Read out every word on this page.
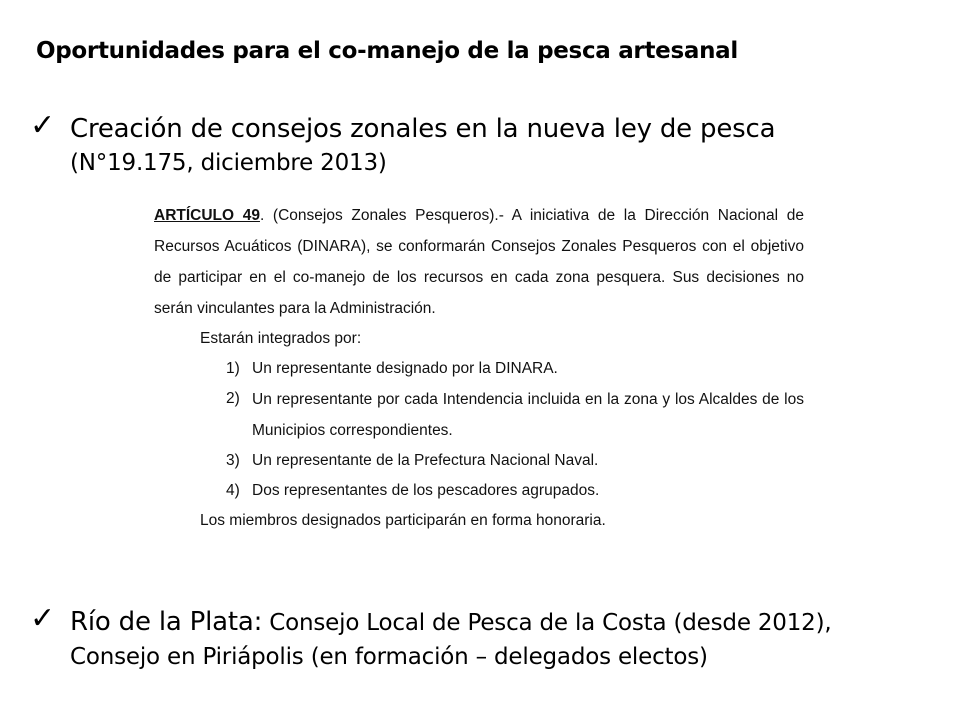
Oportunidades para el co-manejo de la pesca artesanal
✓ Creación de consejos zonales en la nueva ley de pesca
(N°19.175, diciembre 2013)
ARTÍCULO 49. (Consejos Zonales Pesqueros).- A iniciativa de la Dirección Nacional de Recursos Acuáticos (DINARA), se conformarán Consejos Zonales Pesqueros con el objetivo de participar en el co-manejo de los recursos en cada zona pesquera. Sus decisiones no serán vinculantes para la Administración.
Estarán integrados por:
1) Un representante designado por la DINARA.
2) Un representante por cada Intendencia incluida en la zona y los Alcaldes de los Municipios correspondientes.
3) Un representante de la Prefectura Nacional Naval.
4) Dos representantes de los pescadores agrupados.
Los miembros designados participarán en forma honoraria.
✓ Río de la Plata: Consejo Local de Pesca de la Costa (desde 2012),
Consejo en Piriápolis (en formación – delegados electos)
